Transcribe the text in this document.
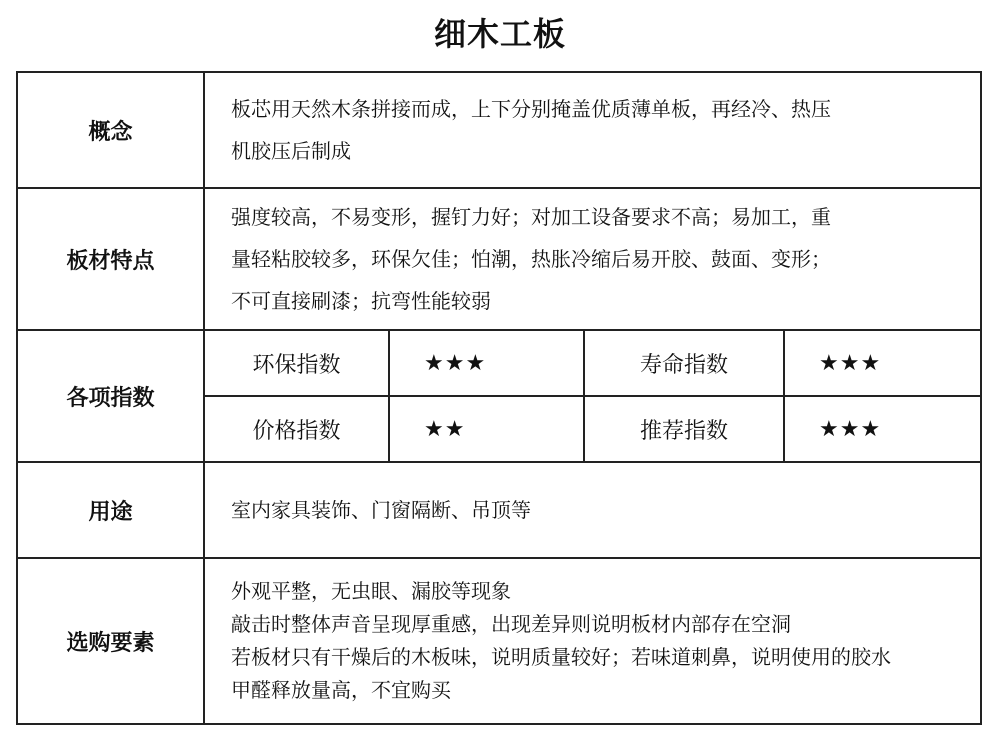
细木工板
概念	板芯用天然木条拼接而成，上下分别掩盖优质薄单板，再经冷、热压
机胶压后制成			

板材特点	强度较高，不易变形，握钉力好；对加工设备要求不高；易加工，重
量轻粘胶较多，环保欠佳；怕潮，热胀冷缩后易开胶、鼓面、变形；
不可直接刷漆；抗弯性能较弱			

各项指数	环保指数	★★★	寿命指数	★★★
	价格指数	★★	推荐指数	★★★
用途	室内家具装饰、门窗隔断、吊顶等			
选购要素	外观平整，无虫眼、漏胶等现象
敲击时整体声音呈现厚重感，出现差异则说明板材内部存在空洞
若板材只有干燥后的木板味，说明质量较好；若味道刺鼻，说明使用的胶水
甲醛释放量高，不宜购买			
